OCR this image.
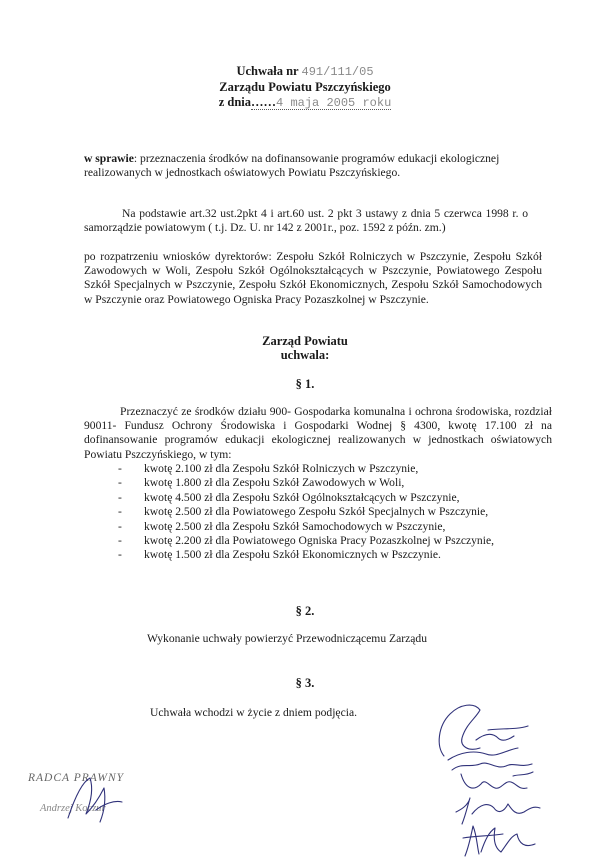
Uchwała nr 491/111/05
Zarządu Powiatu Pszczyńskiego
z dnia……4 maja 2005 roku
w sprawie: przeznaczenia środków na dofinansowanie programów edukacji ekologicznej realizowanych w jednostkach oświatowych Powiatu Pszczyńskiego.
Na podstawie art.32 ust.2pkt 4 i art.60 ust. 2 pkt 3 ustawy z dnia 5 czerwca 1998 r. o samorządzie powiatowym ( t.j. Dz. U. nr 142 z 2001r., poz. 1592 z późn. zm.)
po rozpatrzeniu wniosków dyrektorów: Zespołu Szkół Rolniczych w Pszczynie, Zespołu Szkół Zawodowych w Woli, Zespołu Szkół Ogólnokształcących w Pszczynie, Powiatowego Zespołu Szkół Specjalnych w Pszczynie, Zespołu Szkół Ekonomicznych, Zespołu Szkół Samochodowych w Pszczynie oraz Powiatowego Ogniska Pracy Pozaszkolnej w Pszczynie.
Zarząd Powiatu
uchwala:
§ 1.
Przeznaczyć ze środków działu 900- Gospodarka komunalna i ochrona środowiska, rozdział 90011- Fundusz Ochrony Środowiska i Gospodarki Wodnej § 4300, kwotę 17.100 zł na dofinansowanie programów edukacji ekologicznej realizowanych w jednostkach oświatowych Powiatu Pszczyńskiego, w tym:
- kwotę 2.100 zł dla Zespołu Szkół Rolniczych w Pszczynie,
- kwotę 1.800 zł dla Zespołu Szkół Zawodowych w Woli,
- kwotę 4.500 zł dla Zespołu Szkół Ogólnokształcących w Pszczynie,
- kwotę 2.500 zł dla Powiatowego Zespołu Szkół Specjalnych w Pszczynie,
- kwotę 2.500 zł dla Zespołu Szkół Samochodowych w Pszczynie,
- kwotę 2.200 zł dla Powiatowego Ogniska Pracy Pozaszkolnej w Pszczynie,
- kwotę 1.500 zł dla Zespołu Szkół Ekonomicznych w Pszczynie.
§ 2.
Wykonanie uchwały powierzyć Przewodniczącemu Zarządu
§ 3.
Uchwała wchodzi w życie z dniem podjęcia.
RADCA PRAWNY
Andrzej Koczur
